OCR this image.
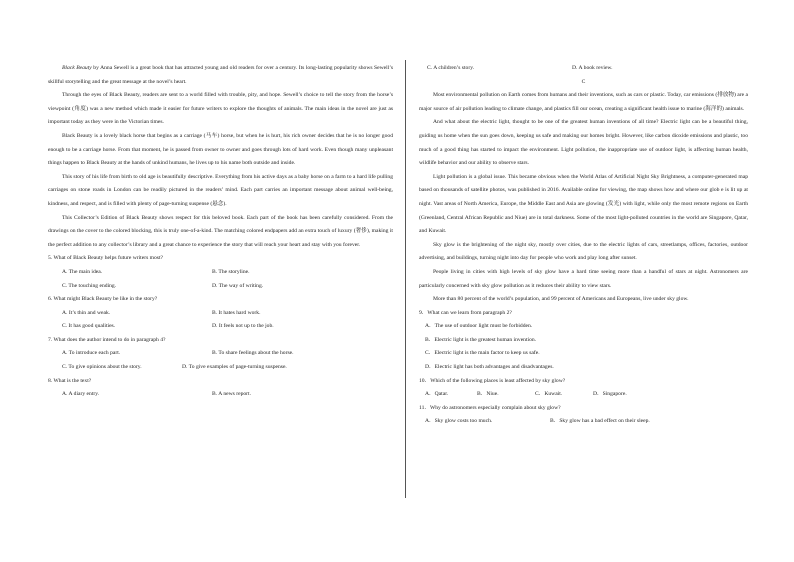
Black Beauty by Anna Sewell is a great book that has attracted young and old readers for over a century. Its long-lasting popularity shows Sewell’s skillful storytelling and the great message at the novel’s heart.

Through the eyes of Black Beauty, readers are sent to a world filled with trouble, pity, and hope. Sewell’s choice to tell the story from the horse’s viewpoint (角度) was a new method which made it easier for future writers to explore the thoughts of animals. The main ideas in the novel are just as important today as they were in the Victorian times.

Black Beauty is a lovely black horse that begins as a carriage (马车) horse, but when he is hurt, his rich owner decides that he is no longer good enough to be a carriage horse. From that moment, he is passed from owner to owner and goes through lots of hard work. Even though many unpleasant things happen to Black Beauty at the hands of unkind humans, he lives up to his name both outside and inside.

This story of his life from birth to old age is beautifully descriptive. Everything from his active days as a baby horse on a farm to a hard life pulling carriages on stone roads in London can be readily pictured in the readers’ mind. Each part carries an important message about animal well-being, kindness, and respect, and is filled with plenty of page-turning suspense (悬念).

This Collector’s Edition of Black Beauty shows respect for this beloved book. Each part of the book has been carefully considered. From the drawings on the cover to the colored blocking, this is truly one-of-a-kind. The matching colored endpapers add an extra touch of luxury (奢侈), making it the perfect addition to any collector’s library and a great chance to experience the story that will reach your heart and stay with you forever.

5. What of Black Beauty helps future writers most?

A. The main idea.	B. The storyline.
C. The touching ending.	D. The way of writing.

6. What might Black Beauty be like in the story?

A. It’s thin and weak.	B. It hates hard work.
C. It has good qualities.	D. It feels not up to the job.

7. What does the author intend to do in paragraph 4?

A. To introduce each part.	B. To share feelings about the horse.
C. To give opinions about the story.	D. To give examples of page-turning suspense.

8. What is the text?

A. A diary entry.	B. A news report.
C. A children’s story.	D. A book review.

C

Most environmental pollution on Earth comes from humans and their inventions, such as cars or plastic. Today, car emissions (排放物) are a major source of air pollution leading to climate change, and plastics fill our ocean, creating a significant health issue to marine (海洋的) animals.

And what about the electric light, thought to be one of the greatest human inventions of all time? Electric light can be a beautiful thing, guiding us home when the sun goes down, keeping us safe and making our homes bright. However, like carbon dioxide emissions and plastic, too much of a good thing has started to impact the environment. Light pollution, the inappropriate use of outdoor light, is affecting human health, wildlife behavior and our ability to observe stars.

Light pollution is a global issue. This became obvious when the World Atlas of Artificial Night Sky Brightness, a computer-generated map based on thousands of satellite photos, was published in 2016. Available online for viewing, the map shows how and where our glob e is lit up at night. Vast areas of North America, Europe, the Middle East and Asia are glowing (发光) with light, while only the most remote regions on Earth (Greenland, Central African Republic and Niue) are in total darkness. Some of the most light-polluted countries in the world are Singapore, Qatar, and Kuwait.

Sky glow is the brightening of the night sky, mostly over cities, due to the electric lights of cars, streetlamps, offices, factories, outdoor advertising, and buildings, turning night into day for people who work and play long after sunset.

People living in cities with high levels of sky glow have a hard time seeing more than a handful of stars at night. Astronomers are particularly concerned with sky glow pollution as it reduces their ability to view stars.

More than 80 percent of the world’s population, and 99 percent of Americans and Europeans, live under sky glow.

9．What can we learn from paragraph 2?

A．The use of outdoor light must be forbidden.

B．Electric light is the greatest human invention.

C．Electric light is the main factor to keep us safe.

D．Electric light has both advantages and disadvantages.

10．Which of the following places is least affected by sky glow?

A．Qatar.	B．Niue.	C．Kuwait.	D．Singapore.

11．Why do astronomers especially complain about sky glow?

A．Sky glow costs too much.	B．Sky glow has a bad effect on their sleep.
